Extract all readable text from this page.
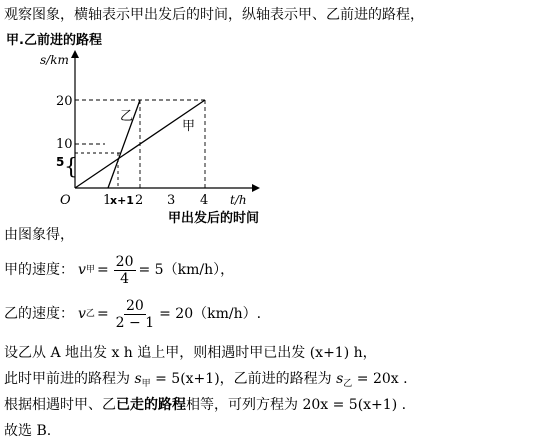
观察图象，横轴表示甲出发后的时间，纵轴表示甲、乙前进的路程，
甲.乙前进的路程
s/km
乙
甲
20
10
5 {
O 1
x+1 2 3 4 t/h
甲出发后的时间
由图象得，
甲的速度： v 甲 = $\frac{20}{4} = 5(km/h)$，
乙的速度： v 乙 = $\frac{20}{2 - 1} = 20(km/h)$.
设乙从 A 地出发 x h 追上甲，则相遇时甲已出发 (x+1) h，
此时甲前进的路程为 $s_甲 = 5(x+1)$，乙前进的路程为 $s_乙 = 20x$ .
根据相遇时甲、乙已走的路程相等，可列方程为 20x = 5(x+1) .
故选 B.
